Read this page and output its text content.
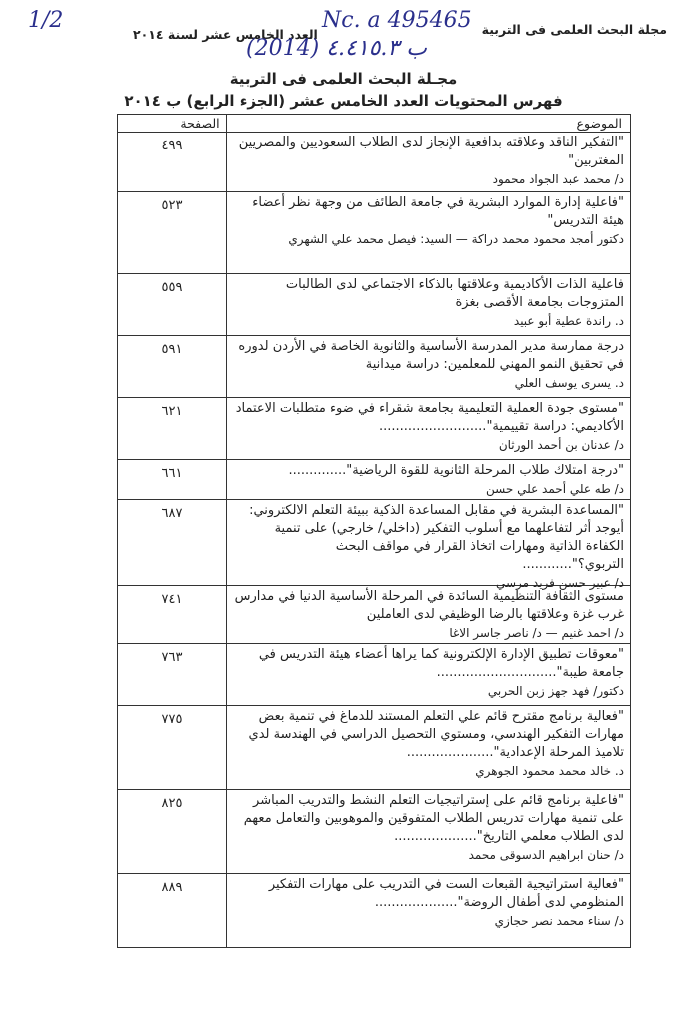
1/2
العدد الخامس عشر لسنة ٢٠١٤
Nc. a 495465 مجلة البحث العلمى فى التربية
(2014) ب ٤.٤١٥.٣
مجـلة البحث العلمى فى التربية
فهرس المحتويات العدد الخامس عشر (الجزء الرابع) ب ٢٠١٤
الصفحة	الموضوع
٤٩٩	"التفكير الناقد وعلاقته بدافعية الإنجاز لدى الطلاب السعوديين والمصريين المغتربين"
د/ محمد عبد الجواد محمود
٥٢٣	"فاعلية إدارة الموارد البشرية في جامعة الطائف من وجهة نظر أعضاء هيئة التدريس"
دكتور أمجد محمود محمد دراكة — السيد: فيصل محمد علي الشهري
٥٥٩	فاعلية الذات الأكاديمية وعلاقتها بالذكاء الاجتماعي لدى الطالبات المتزوجات بجامعة الأقصى بغزة
د. راندة عطية أبو عبيد
٥٩١	درجة ممارسة مدير المدرسة الأساسية والثانوية الخاصة في الأردن لدوره في تحقيق النمو المهني للمعلمين: دراسة ميدانية
د. يسرى يوسف العلي
٦٢١	"مستوى جودة العملية التعليمية بجامعة شقراء في ضوء متطلبات الاعتماد الأكاديمي: دراسة تقييمية"..........................
د/ عدنان بن أحمد الورثان
٦٦١	"درجة امتلاك طلاب المرحلة الثانوية للقوة الرياضية"..............
د/ طه علي أحمد علي حسن
٦٨٧	"المساعدة البشرية في مقابل المساعدة الذكية ببيئة التعلم الالكتروني: أيوجد أثر لتفاعلهما مع أسلوب التفكير (داخلي/ خارجي) على تنمية الكفاءة الذاتية ومهارات اتخاذ القرار في مواقف البحث التربوي؟"............
د/ عبير حسن فريد مرسي
٧٤١	مستوى الثقافة التنظيمية السائدة في المرحلة الأساسية الدنيا في مدارس غرب غزة وعلاقتها بالرضا الوظيفي لدى العاملين
د/ احمد غنيم — د/ ناصر جاسر الاغا
٧٦٣	"معوقات تطبيق الإدارة الإلكترونية كما يراها أعضاء هيئة التدريس في جامعة طيبة".............................
دكتور/ فهد جهز زبن الحربي
٧٧٥	"فعالية برنامج مقترح قائم علي التعلم المستند للدماغ في تنمية بعض مهارات التفكير الهندسي، ومستوي التحصيل الدراسي في الهندسة لدي تلاميذ المرحلة الإعدادية".....................
د. خالد محمد محمود الجوهري
٨٢٥	"فاعلية برنامج قائم على إستراتيجيات التعلم النشط والتدريب المباشر على تنمية مهارات تدريس الطلاب المتفوقين والموهوبين والتعامل معهم لدى الطلاب معلمي التاريخ"....................
د/ حنان ابراهيم الدسوقى محمد
٨٨٩	"فعالية استراتيجية القبعات الست في التدريب على مهارات التفكير المنظومي لدى أطفال الروضة"....................
د/ سناء محمد نصر حجازي
